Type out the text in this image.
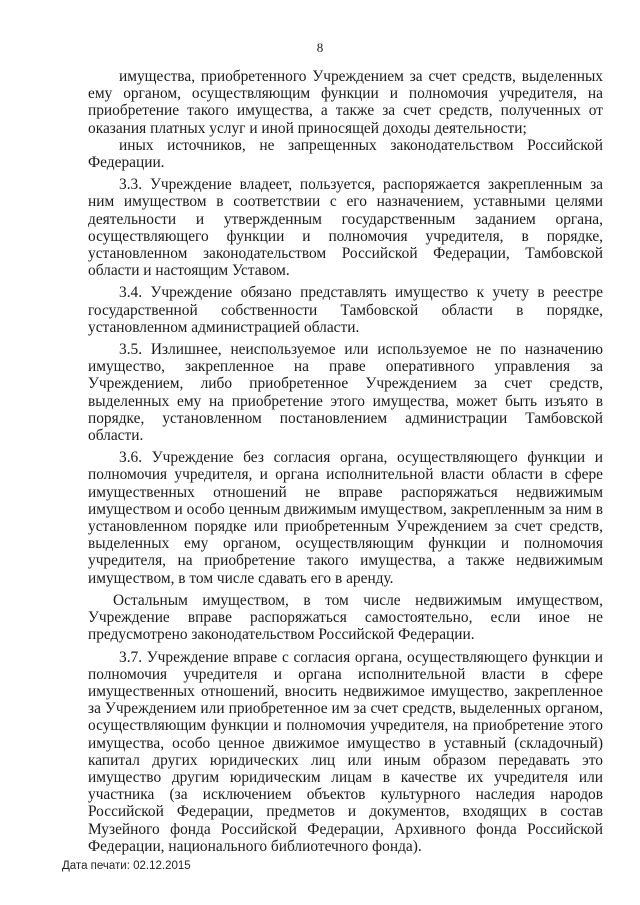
8

имущества, приобретенного Учреждением за счет средств, выделенных ему органом, осуществляющим функции и полномочия учредителя, на приобретение такого имущества, а также за счет средств, полученных от оказания платных услуг и иной приносящей доходы деятельности;

иных источников, не запрещенных законодательством Российской Федерации.

3.3. Учреждение владеет, пользуется, распоряжается закрепленным за ним имуществом в соответствии с его назначением, уставными целями деятельности и утвержденным государственным заданием органа, осуществляющего функции и полномочия учредителя, в порядке, установленном законодательством Российской Федерации, Тамбовской области и настоящим Уставом.

3.4. Учреждение обязано представлять имущество к учету в реестре государственной собственности Тамбовской области в порядке, установленном администрацией области.

3.5. Излишнее, неиспользуемое или используемое не по назначению имущество, закрепленное на праве оперативного управления за Учреждением, либо приобретенное Учреждением за счет средств, выделенных ему на приобретение этого имущества, может быть изъято в порядке, установленном постановлением администрации Тамбовской области.

3.6. Учреждение без согласия органа, осуществляющего функции и полномочия учредителя, и органа исполнительной власти области в сфере имущественных отношений не вправе распоряжаться недвижимым имуществом и особо ценным движимым имуществом, закрепленным за ним в установленном порядке или приобретенным Учреждением за счет средств, выделенных ему органом, осуществляющим функции и полномочия учредителя, на приобретение такого имущества, а также недвижимым имуществом, в том числе сдавать его в аренду.

Остальным имуществом, в том числе недвижимым имуществом, Учреждение вправе распоряжаться самостоятельно, если иное не предусмотрено законодательством Российской Федерации.

3.7. Учреждение вправе с согласия органа, осуществляющего функции и полномочия учредителя и органа исполнительной власти в сфере имущественных отношений, вносить недвижимое имущество, закрепленное за Учреждением или приобретенное им за счет средств, выделенных органом, осуществляющим функции и полномочия учредителя, на приобретение этого имущества, особо ценное движимое имущество в уставный (складочный) капитал других юридических лиц или иным образом передавать это имущество другим юридическим лицам в качестве их учредителя или участника (за исключением объектов культурного наследия народов Российской Федерации, предметов и документов, входящих в состав Музейного фонда Российской Федерации, Архивного фонда Российской Федерации, национального библиотечного фонда).

Дата печати: 02.12.2015
